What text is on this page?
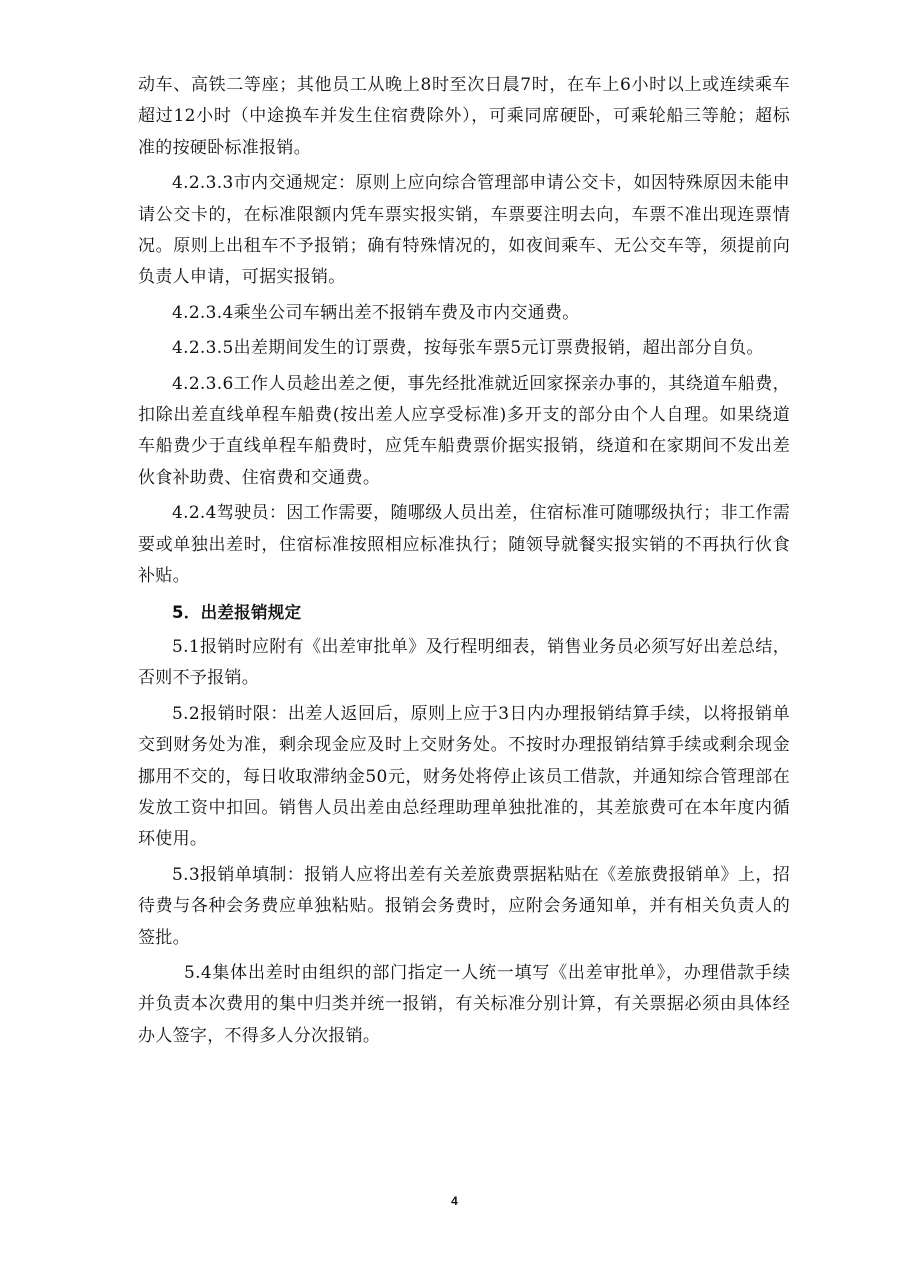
动车、高铁二等座；其他员工从晚上8时至次日晨7时，在车上6小时以上或连续乘车超过12小时（中途换车并发生住宿费除外），可乘同席硬卧，可乘轮船三等舱；超标准的按硬卧标准报销。

4.2.3.3市内交通规定：原则上应向综合管理部申请公交卡，如因特殊原因未能申请公交卡的，在标准限额内凭车票实报实销，车票要注明去向，车票不准出现连票情况。原则上出租车不予报销；确有特殊情况的，如夜间乘车、无公交车等，须提前向负责人申请，可据实报销。

4.2.3.4乘坐公司车辆出差不报销车费及市内交通费。

4.2.3.5出差期间发生的订票费，按每张车票5元订票费报销，超出部分自负。

4.2.3.6工作人员趁出差之便，事先经批准就近回家探亲办事的，其绕道车船费，扣除出差直线单程车船费(按出差人应享受标准)多开支的部分由个人自理。如果绕道车船费少于直线单程车船费时，应凭车船费票价据实报销，绕道和在家期间不发出差伙食补助费、住宿费和交通费。

4.2.4驾驶员：因工作需要，随哪级人员出差，住宿标准可随哪级执行；非工作需要或单独出差时，住宿标准按照相应标准执行；随领导就餐实报实销的不再执行伙食补贴。

5．出差报销规定

5.1报销时应附有《出差审批单》及行程明细表，销售业务员必须写好出差总结，否则不予报销。

5.2报销时限：出差人返回后，原则上应于3日内办理报销结算手续，以将报销单交到财务处为准，剩余现金应及时上交财务处。不按时办理报销结算手续或剩余现金挪用不交的，每日收取滞纳金50元，财务处将停止该员工借款，并通知综合管理部在发放工资中扣回。销售人员出差由总经理助理单独批准的，其差旅费可在本年度内循环使用。

5.3报销单填制：报销人应将出差有关差旅费票据粘贴在《差旅费报销单》上，招待费与各种会务费应单独粘贴。报销会务费时，应附会务通知单，并有相关负责人的签批。

5.4集体出差时由组织的部门指定一人统一填写《出差审批单》，办理借款手续并负责本次费用的集中归类并统一报销，有关标准分别计算，有关票据必须由具体经办人签字，不得多人分次报销。

4
